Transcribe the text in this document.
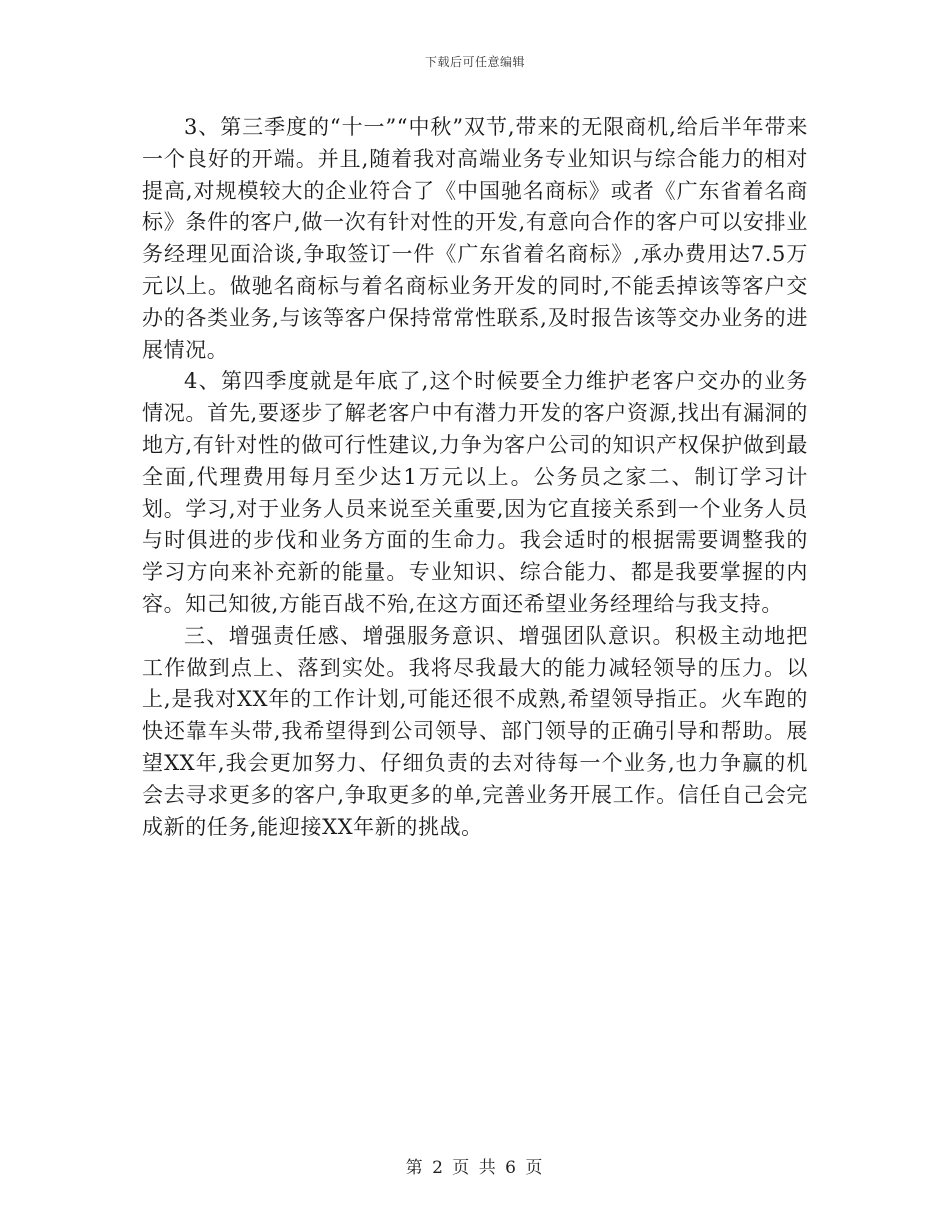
下载后可任意编辑

3、第三季度的“十一”“中秋”双节,带来的无限商机,给后半年带来一个良好的开端。并且,随着我对高端业务专业知识与综合能力的相对提高,对规模较大的企业符合了《中国驰名商标》或者《广东省着名商标》条件的客户,做一次有针对性的开发,有意向合作的客户可以安排业务经理见面洽谈,争取签订一件《广东省着名商标》,承办费用达7.5万元以上。做驰名商标与着名商标业务开发的同时,不能丢掉该等客户交办的各类业务,与该等客户保持常常性联系,及时报告该等交办业务的进展情况。

4、第四季度就是年底了,这个时候要全力维护老客户交办的业务情况。首先,要逐步了解老客户中有潜力开发的客户资源,找出有漏洞的地方,有针对性的做可行性建议,力争为客户公司的知识产权保护做到最全面,代理费用每月至少达1万元以上。公务员之家二、制订学习计划。学习,对于业务人员来说至关重要,因为它直接关系到一个业务人员与时俱进的步伐和业务方面的生命力。我会适时的根据需要调整我的学习方向来补充新的能量。专业知识、综合能力、都是我要掌握的内容。知己知彼,方能百战不殆,在这方面还希望业务经理给与我支持。

三、增强责任感、增强服务意识、增强团队意识。积极主动地把工作做到点上、落到实处。我将尽我最大的能力减轻领导的压力。以上,是我对XX年的工作计划,可能还很不成熟,希望领导指正。火车跑的快还靠车头带,我希望得到公司领导、部门领导的正确引导和帮助。展望XX年,我会更加努力、仔细负责的去对待每一个业务,也力争赢的机会去寻求更多的客户,争取更多的单,完善业务开展工作。信任自己会完成新的任务,能迎接XX年新的挑战。

第 2 页 共 6 页
